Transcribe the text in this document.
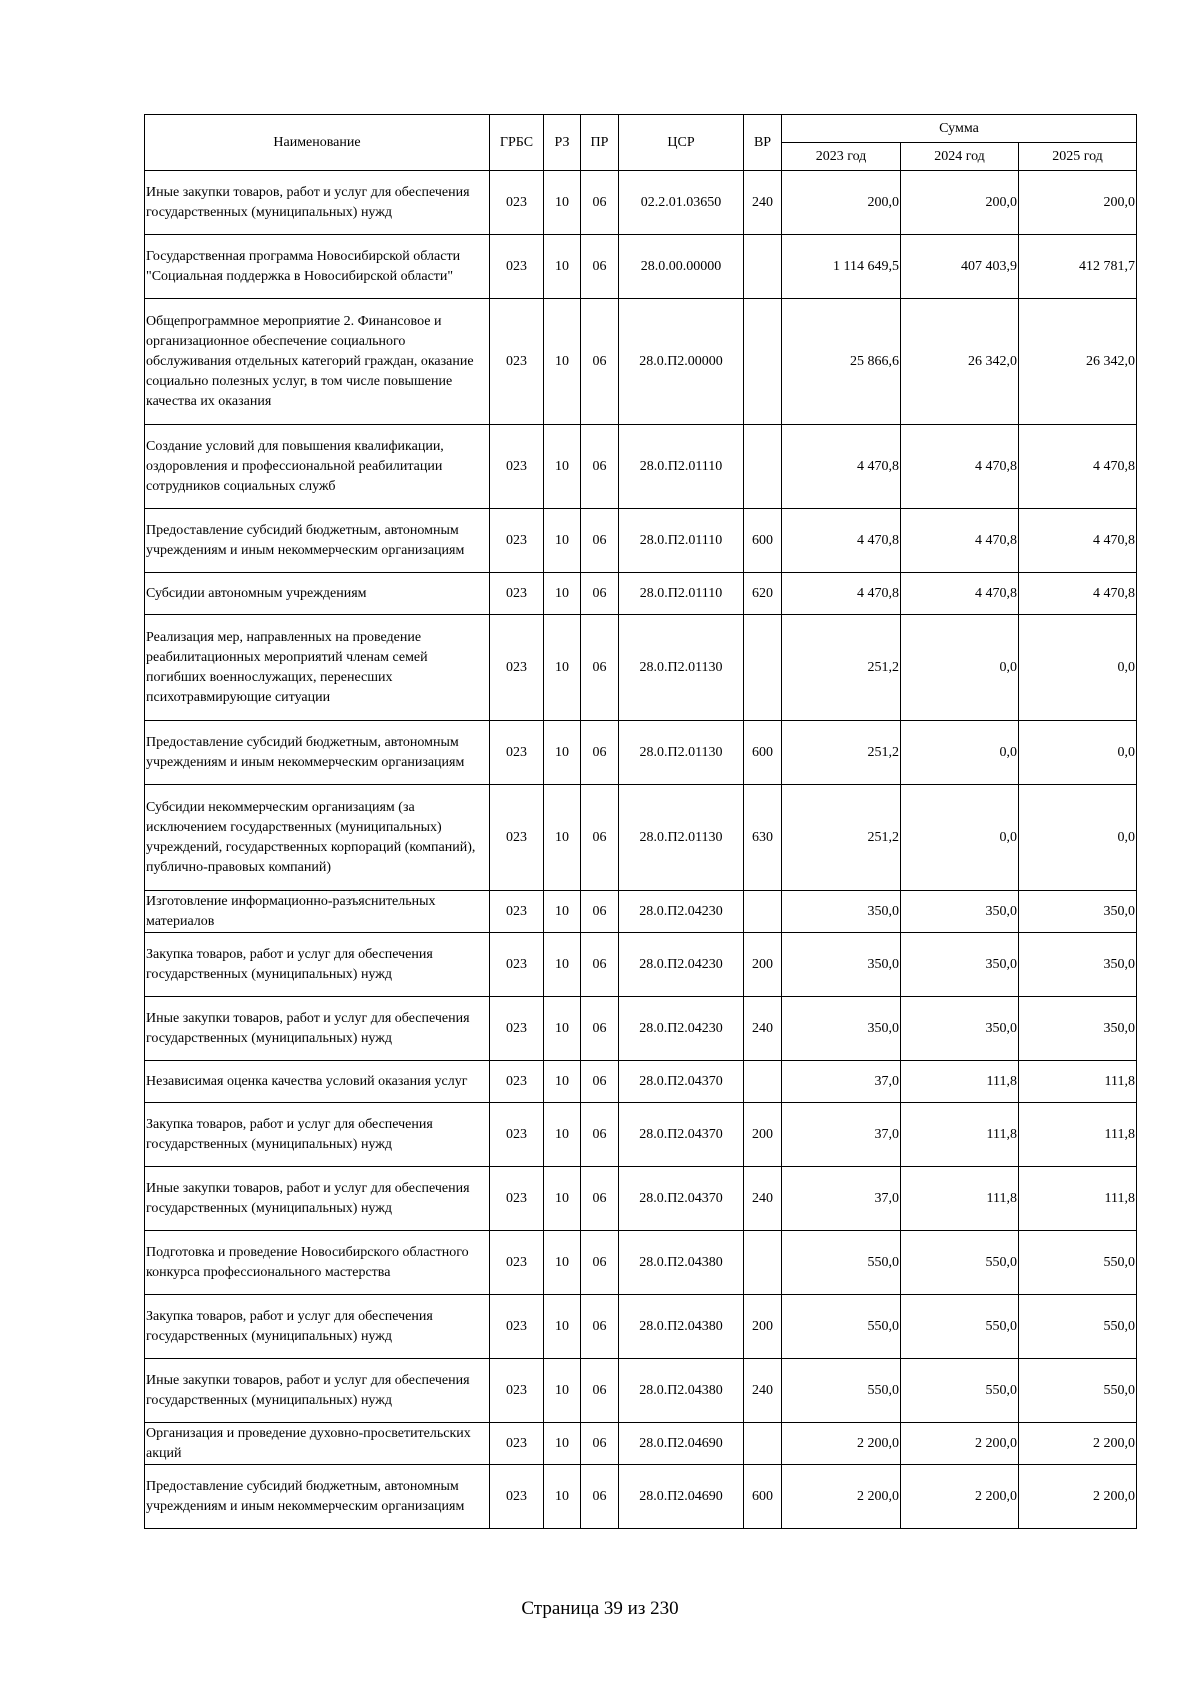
Наименование	ГРБС	РЗ	ПР	ЦСР	ВР	Сумма		
						2023 год	2024 год	2025 год
Иные закупки товаров, работ и услуг для обеспечения государственных (муниципальных) нужд	023	10	06	02.2.01.03650	240	200,0	200,0	200,0
Государственная программа Новосибирской области "Социальная поддержка в Новосибирской области"	023	10	06	28.0.00.00000		1 114 649,5	407 403,9	412 781,7
Общепрограммное мероприятие 2. Финансовое и организационное обеспечение социального обслуживания отдельных категорий граждан, оказание социально полезных услуг, в том числе повышение качества их оказания	023	10	06	28.0.П2.00000		25 866,6	26 342,0	26 342,0
Создание условий для повышения квалификации, оздоровления и профессиональной реабилитации сотрудников социальных служб	023	10	06	28.0.П2.01110		4 470,8	4 470,8	4 470,8
Предоставление субсидий бюджетным, автономным учреждениям и иным некоммерческим организациям	023	10	06	28.0.П2.01110	600	4 470,8	4 470,8	4 470,8
Субсидии автономным учреждениям	023	10	06	28.0.П2.01110	620	4 470,8	4 470,8	4 470,8
Реализация мер, направленных на проведение реабилитационных мероприятий членам семей погибших военнослужащих, перенесших психотравмирующие ситуации	023	10	06	28.0.П2.01130		251,2	0,0	0,0
Предоставление субсидий бюджетным, автономным учреждениям и иным некоммерческим организациям	023	10	06	28.0.П2.01130	600	251,2	0,0	0,0
Субсидии некоммерческим организациям (за исключением государственных (муниципальных) учреждений, государственных корпораций (компаний), публично-правовых компаний)	023	10	06	28.0.П2.01130	630	251,2	0,0	0,0
Изготовление информационно-разъяснительных материалов	023	10	06	28.0.П2.04230		350,0	350,0	350,0
Закупка товаров, работ и услуг для обеспечения государственных (муниципальных) нужд	023	10	06	28.0.П2.04230	200	350,0	350,0	350,0
Иные закупки товаров, работ и услуг для обеспечения государственных (муниципальных) нужд	023	10	06	28.0.П2.04230	240	350,0	350,0	350,0
Независимая оценка качества условий оказания услуг	023	10	06	28.0.П2.04370		37,0	111,8	111,8
Закупка товаров, работ и услуг для обеспечения государственных (муниципальных) нужд	023	10	06	28.0.П2.04370	200	37,0	111,8	111,8
Иные закупки товаров, работ и услуг для обеспечения государственных (муниципальных) нужд	023	10	06	28.0.П2.04370	240	37,0	111,8	111,8
Подготовка и проведение Новосибирского областного конкурса профессионального мастерства	023	10	06	28.0.П2.04380		550,0	550,0	550,0
Закупка товаров, работ и услуг для обеспечения государственных (муниципальных) нужд	023	10	06	28.0.П2.04380	200	550,0	550,0	550,0
Иные закупки товаров, работ и услуг для обеспечения государственных (муниципальных) нужд	023	10	06	28.0.П2.04380	240	550,0	550,0	550,0
Организация и проведение духовно-просветительских акций	023	10	06	28.0.П2.04690		2 200,0	2 200,0	2 200,0
Предоставление субсидий бюджетным, автономным учреждениям и иным некоммерческим организациям	023	10	06	28.0.П2.04690	600	2 200,0	2 200,0	2 200,0
Страница 39 из 230
